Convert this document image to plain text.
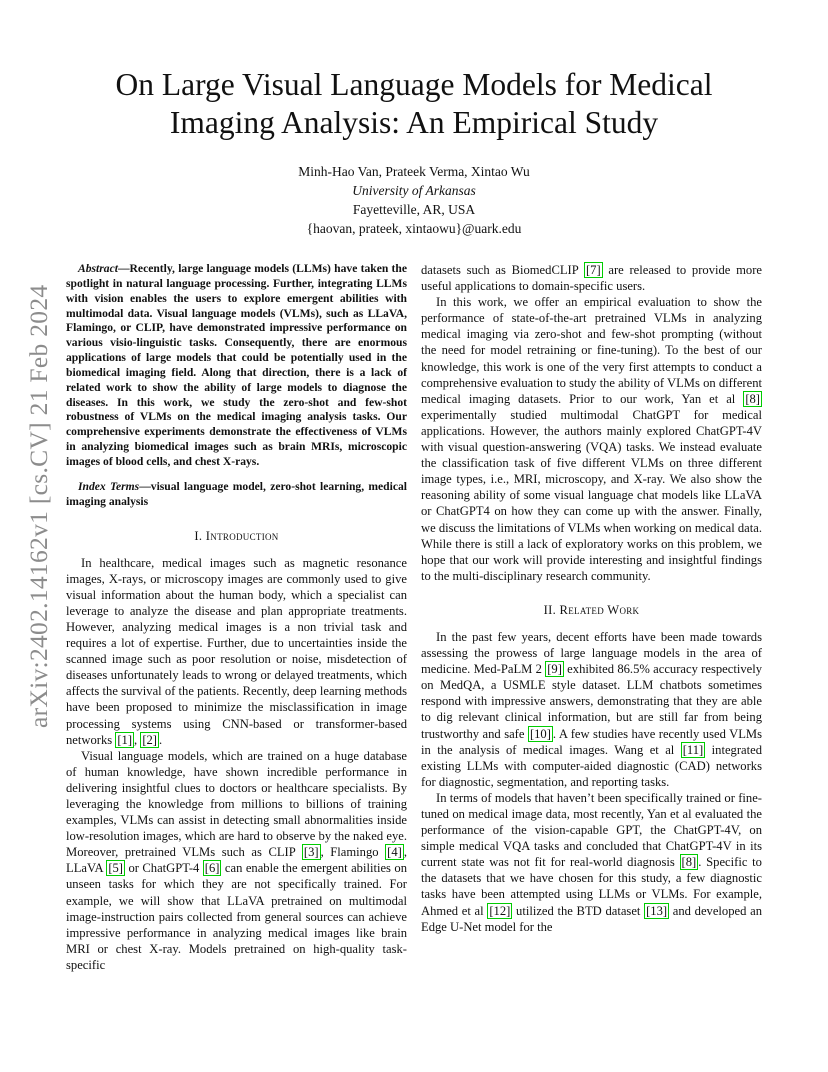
arXiv:2402.14162v1 [cs.CV] 21 Feb 2024
On Large Visual Language Models for Medical Imaging Analysis: An Empirical Study
Minh-Hao Van, Prateek Verma, Xintao Wu
University of Arkansas
Fayetteville, AR, USA
{haovan, prateek, xintaowu}@uark.edu

Abstract—Recently, large language models (LLMs) have taken the spotlight in natural language processing. Further, integrating LLMs with vision enables the users to explore emergent abilities with multimodal data. Visual language models (VLMs), such as LLaVA, Flamingo, or CLIP, have demonstrated impressive performance on various visio-linguistic tasks. Consequently, there are enormous applications of large models that could be potentially used in the biomedical imaging field. Along that direction, there is a lack of related work to show the ability of large models to diagnose the diseases. In this work, we study the zero-shot and few-shot robustness of VLMs on the medical imaging analysis tasks. Our comprehensive experiments demonstrate the effectiveness of VLMs in analyzing biomedical images such as brain MRIs, microscopic images of blood cells, and chest X-rays.

Index Terms—visual language model, zero-shot learning, medical imaging analysis

I. Introduction

In healthcare, medical images such as magnetic resonance images, X-rays, or microscopy images are commonly used to give visual information about the human body, which a specialist can leverage to analyze the disease and plan appropriate treatments. However, analyzing medical images is a non trivial task and requires a lot of expertise. Further, due to uncertainties inside the scanned image such as poor resolution or noise, misdetection of diseases unfortunately leads to wrong or delayed treatments, which affects the survival of the patients. Recently, deep learning methods have been proposed to minimize the misclassification in image processing systems using CNN-based or transformer-based networks [1] , [2] .

Visual language models, which are trained on a huge database of human knowledge, have shown incredible performance in delivering insightful clues to doctors or healthcare specialists. By leveraging the knowledge from millions to billions of training examples, VLMs can assist in detecting small abnormalities inside low-resolution images, which are hard to observe by the naked eye. Moreover, pretrained VLMs such as CLIP [3] , Flamingo [4] , LLaVA [5] or ChatGPT-4 [6] can enable the emergent abilities on unseen tasks for which they are not specifically trained. For example, we will show that LLaVA pretrained on multimodal image-instruction pairs collected from general sources can achieve impressive performance in analyzing medical images like brain MRI or chest X-ray. Models pretrained on high-quality task-specific

datasets such as BiomedCLIP [7] are released to provide more useful applications to domain-specific users.

In this work, we offer an empirical evaluation to show the performance of state-of-the-art pretrained VLMs in analyzing medical imaging via zero-shot and few-shot prompting (without the need for model retraining or fine-tuning). To the best of our knowledge, this work is one of the very first attempts to conduct a comprehensive evaluation to study the ability of VLMs on different medical imaging datasets. Prior to our work, Yan et al [8] experimentally studied multimodal ChatGPT for medical applications. However, the authors mainly explored ChatGPT-4V with visual question-answering (VQA) tasks. We instead evaluate the classification task of five different VLMs on three different image types, i.e., MRI, microscopy, and X-ray. We also show the reasoning ability of some visual language chat models like LLaVA or ChatGPT4 on how they can come up with the answer. Finally, we discuss the limitations of VLMs when working on medical data. While there is still a lack of exploratory works on this problem, we hope that our work will provide interesting and insightful findings to the multi-disciplinary research community.

II. Related Work

In the past few years, decent efforts have been made towards assessing the prowess of large language models in the area of medicine. Med-PaLM 2 [9] exhibited 86.5% accuracy respectively on MedQA, a USMLE style dataset. LLM chatbots sometimes respond with impressive answers, demonstrating that they are able to dig relevant clinical information, but are still far from being trustworthy and safe [10] . A few studies have recently used VLMs in the analysis of medical images. Wang et al [11] integrated existing LLMs with computer-aided diagnostic (CAD) networks for diagnostic, segmentation, and reporting tasks.

In terms of models that haven’t been specifically trained or fine-tuned on medical image data, most recently, Yan et al evaluated the performance of the vision-capable GPT, the ChatGPT-4V, on simple medical VQA tasks and concluded that ChatGPT-4V in its current state was not fit for real-world diagnosis [8] . Specific to the datasets that we have chosen for this study, a few diagnostic tasks have been attempted using LLMs or VLMs. For example, Ahmed et al [12] utilized the BTD dataset [13] and developed an Edge U-Net model for the
